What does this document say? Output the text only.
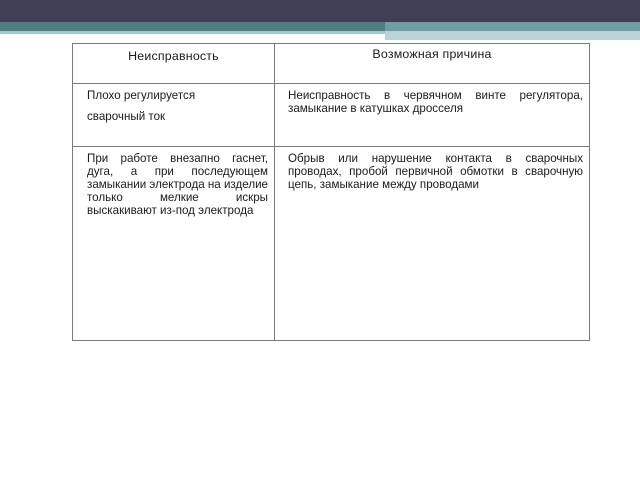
Неисправность	Возможная причина

Плохо регулируется
сварочный ток	Неисправность в червячном винте регулятора, замыкание в катушках дросселя

При работе внезапно гаснет, дуга, а при последующем замыкании электрода на изделие только мелкие искры выскакивают из-под электрода	Обрыв или нарушение контакта в сварочных проводах, пробой первичной обмотки в сварочную цепь, замыкание между проводами
